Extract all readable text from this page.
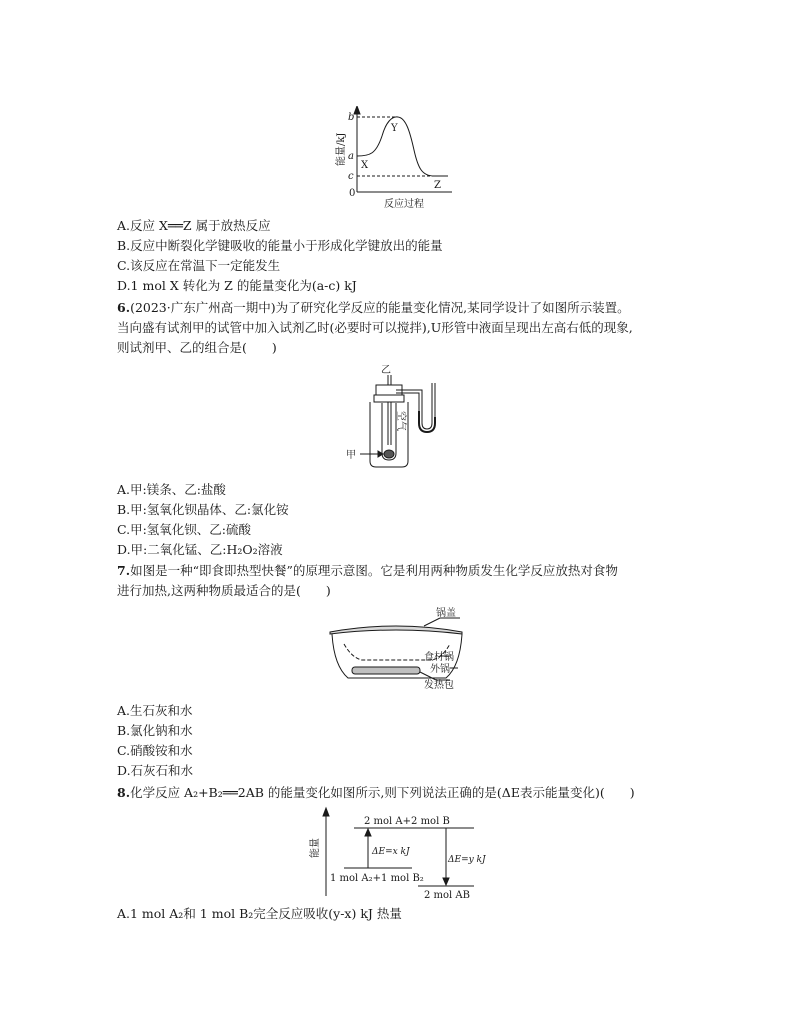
b
a
c
0
X
Y
Z
能量/kJ
反应过程
A.反应 X══Z 属于放热反应
B.反应中断裂化学键吸收的能量小于形成化学键放出的能量
C.该反应在常温下一定能发生
D.1 mol X 转化为 Z 的能量变化为(a-c) kJ
6.(2023·广东广州高一期中)为了研究化学反应的能量变化情况,某同学设计了如图所示装置。
当向盛有试剂甲的试管中加入试剂乙时(必要时可以搅拌),U形管中液面呈现出左高右低的现象,
则试剂甲、乙的组合是(　　)
乙
甲
空气
A.甲:镁条、乙:盐酸
B.甲:氢氧化钡晶体、乙:氯化铵
C.甲:氢氧化钡、乙:硫酸
D.甲:二氧化锰、乙:H₂O₂溶液
7.如图是一种“即食即热型快餐”的原理示意图。它是利用两种物质发生化学反应放热对食物
进行加热,这两种物质最适合的是(　　)
锅盖
食材锅
外锅
发热包
A.生石灰和水
B.氯化钠和水
C.硝酸铵和水
D.石灰石和水
8.化学反应 A₂+B₂══2AB 的能量变化如图所示,则下列说法正确的是(ΔE表示能量变化)(　　)
2 mol A+2 mol B
1 mol A₂+1 mol B₂
2 mol AB
ΔE=x kJ
ΔE=y kJ
能量
A.1 mol A₂和 1 mol B₂完全反应吸收(y-x) kJ 热量
